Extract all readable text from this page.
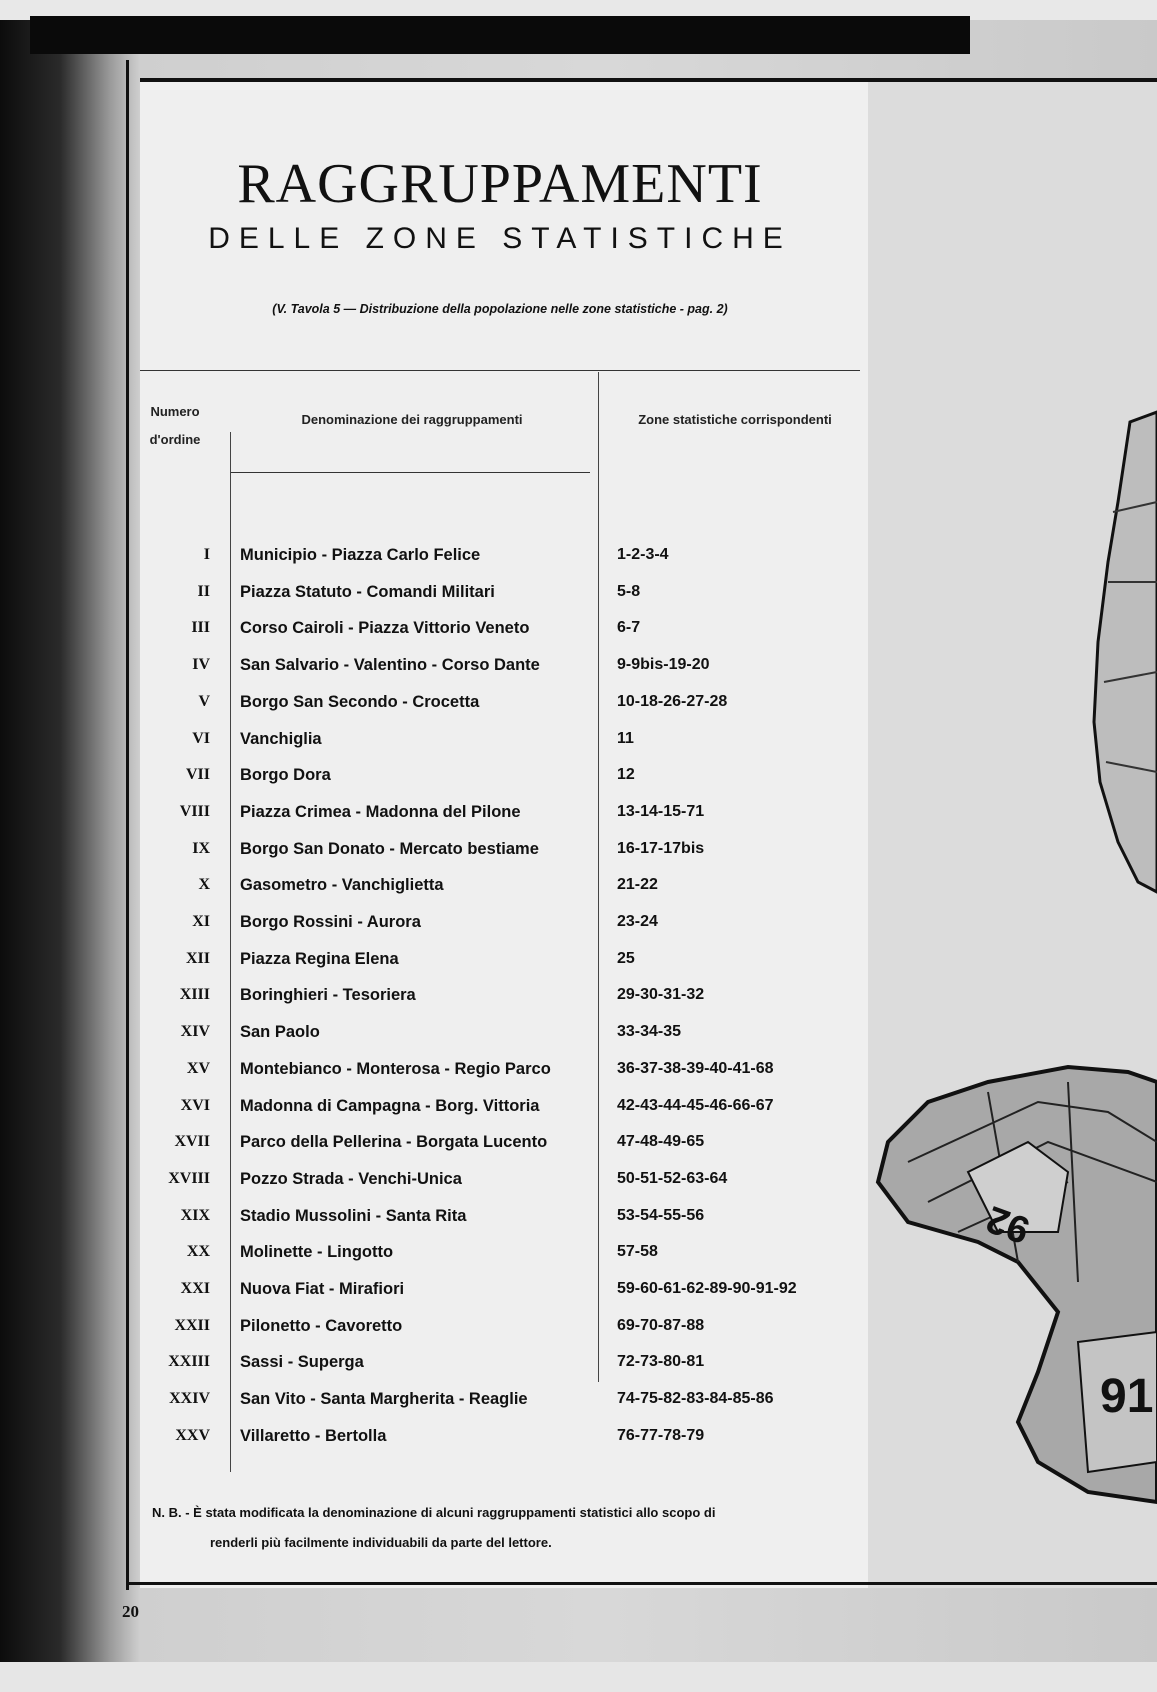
92
91
RAGGRUPPAMENTI
DELLE ZONE STATISTICHE
(V. Tavola 5 — Distribuzione della popolazione nelle zone statistiche - pag. 2)
Numero d'ordine
Denominazione dei raggruppamenti	Zone statistiche corrispondenti
I Municipio - Piazza Carlo Felice	1-2-3-4
II Piazza Statuto - Comandi Militari	5-8
III Corso Cairoli - Piazza Vittorio Veneto	6-7
IV San Salvario - Valentino - Corso Dante	9-9bis-19-20
V Borgo San Secondo - Crocetta	10-18-26-27-28
VI Vanchiglia	11
VII Borgo Dora	12
VIII Piazza Crimea - Madonna del Pilone	13-14-15-71
IX Borgo San Donato - Mercato bestiame	16-17-17bis
X Gasometro - Vanchiglietta	21-22
XI Borgo Rossini - Aurora	23-24
XII Piazza Regina Elena	25
XIII Boringhieri - Tesoriera	29-30-31-32
XIV San Paolo	33-34-35
XV Montebianco - Monterosa - Regio Parco	36-37-38-39-40-41-68
XVI Madonna di Campagna - Borg. Vittoria	42-43-44-45-46-66-67
XVII Parco della Pellerina - Borgata Lucento	47-48-49-65
XVIII Pozzo Strada - Venchi-Unica	50-51-52-63-64
XIX Stadio Mussolini - Santa Rita	53-54-55-56
XX Molinette - Lingotto	57-58
XXI Nuova Fiat - Mirafiori	59-60-61-62-89-90-91-92
XXII Pilonetto - Cavoretto	69-70-87-88
XXIII Sassi - Superga	72-73-80-81
XXIV San Vito - Santa Margherita - Reaglie	74-75-82-83-84-85-86
XXV Villaretto - Bertolla	76-77-78-79
N. B. - È stata modificata la denominazione di alcuni raggruppamenti statistici allo scopo di
renderli più facilmente individuabili da parte del lettore.
20
